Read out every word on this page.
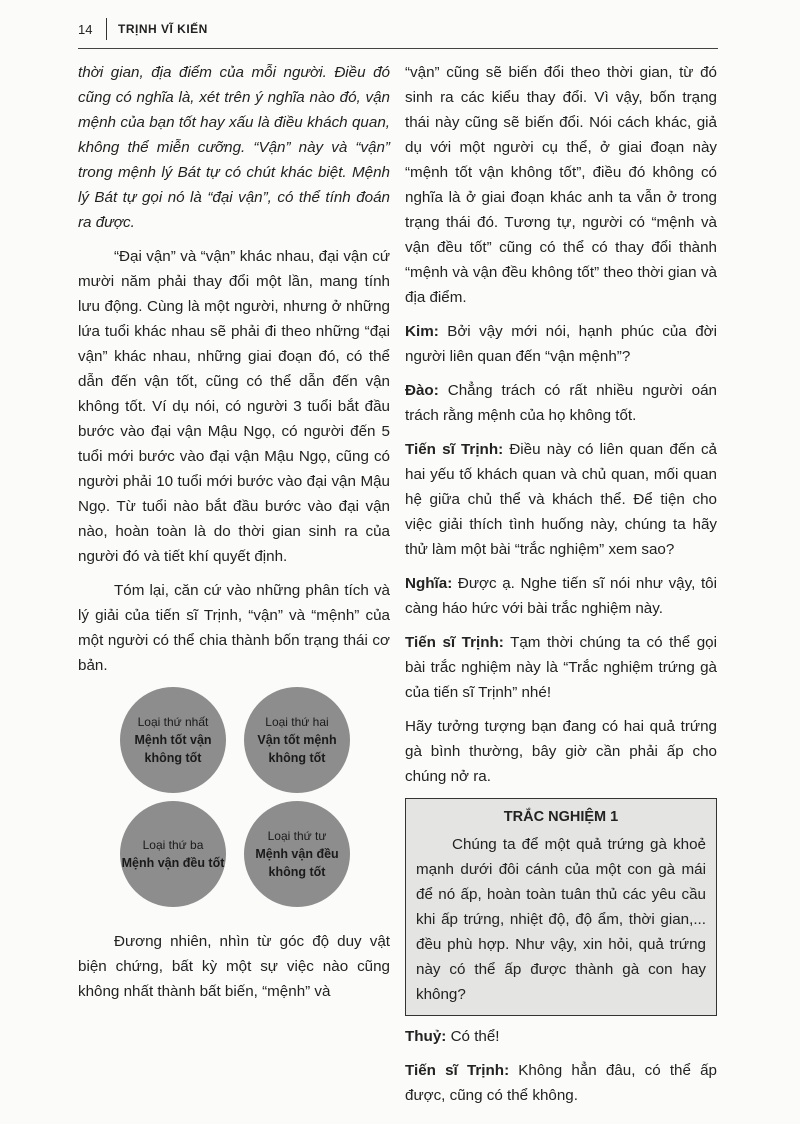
14 TRỊNH VĨ KIẾN

thời gian, địa điểm của mỗi người. Điều đó cũng có nghĩa là, xét trên ý nghĩa nào đó, vận mệnh của bạn tốt hay xấu là điều khách quan, không thể miễn cưỡng. “Vận” này và “vận” trong mệnh lý Bát tự có chút khác biệt. Mệnh lý Bát tự gọi nó là “đại vận”, có thể tính đoán ra được.

“Đại vận” và “vận” khác nhau, đại vận cứ mười năm phải thay đổi một lần, mang tính lưu động. Cùng là một người, nhưng ở những lứa tuổi khác nhau sẽ phải đi theo những “đại vận” khác nhau, những giai đoạn đó, có thể dẫn đến vận tốt, cũng có thể dẫn đến vận không tốt. Ví dụ nói, có người 3 tuổi bắt đầu bước vào đại vận Mậu Ngọ, có người đến 5 tuổi mới bước vào đại vận Mậu Ngọ, cũng có người phải 10 tuổi mới bước vào đại vận Mậu Ngọ. Từ tuổi nào bắt đầu bước vào đại vận nào, hoàn toàn là do thời gian sinh ra của người đó và tiết khí quyết định.

Tóm lại, căn cứ vào những phân tích và lý giải của tiến sĩ Trịnh, “vận” và “mệnh” của một người có thể chia thành bốn trạng thái cơ bản.

Loại thứ nhất
Mệnh tốt vận không tốt
Loại thứ hai
Vận tốt mệnh không tốt
Loại thứ ba
Mệnh vận đều tốt
Loại thứ tư
Mệnh vận đều không tốt

Đương nhiên, nhìn từ góc độ duy vật biện chứng, bất kỳ một sự việc nào cũng không nhất thành bất biến, “mệnh” và

“vận” cũng sẽ biến đổi theo thời gian, từ đó sinh ra các kiểu thay đổi. Vì vậy, bốn trạng thái này cũng sẽ biến đổi. Nói cách khác, giả dụ với một người cụ thể, ở giai đoạn này “mệnh tốt vận không tốt”, điều đó không có nghĩa là ở giai đoạn khác anh ta vẫn ở trong trạng thái đó. Tương tự, người có “mệnh và vận đều tốt” cũng có thể có thay đổi thành “mệnh và vận đều không tốt” theo thời gian và địa điểm.

Kim: Bởi vậy mới nói, hạnh phúc của đời người liên quan đến “vận mệnh”?

Đào: Chẳng trách có rất nhiều người oán trách rằng mệnh của họ không tốt.

Tiến sĩ Trịnh: Điều này có liên quan đến cả hai yếu tố khách quan và chủ quan, mối quan hệ giữa chủ thể và khách thể. Để tiện cho việc giải thích tình huống này, chúng ta hãy thử làm một bài “trắc nghiệm” xem sao?

Nghĩa: Được ạ. Nghe tiến sĩ nói như vậy, tôi càng háo hức với bài trắc nghiệm này.

Tiến sĩ Trịnh: Tạm thời chúng ta có thể gọi bài trắc nghiệm này là “Trắc nghiệm trứng gà của tiến sĩ Trịnh” nhé!

Hãy tưởng tượng bạn đang có hai quả trứng gà bình thường, bây giờ cần phải ấp cho chúng nở ra.

TRẮC NGHIỆM 1

Chúng ta để một quả trứng gà khoẻ mạnh dưới đôi cánh của một con gà mái để nó ấp, hoàn toàn tuân thủ các yêu cầu khi ấp trứng, nhiệt độ, độ ẩm, thời gian,... đều phù hợp. Như vậy, xin hỏi, quả trứng này có thể ấp được thành gà con hay không?

Thuỷ: Có thể!

Tiến sĩ Trịnh: Không hẳn đâu, có thể ấp được, cũng có thể không.
